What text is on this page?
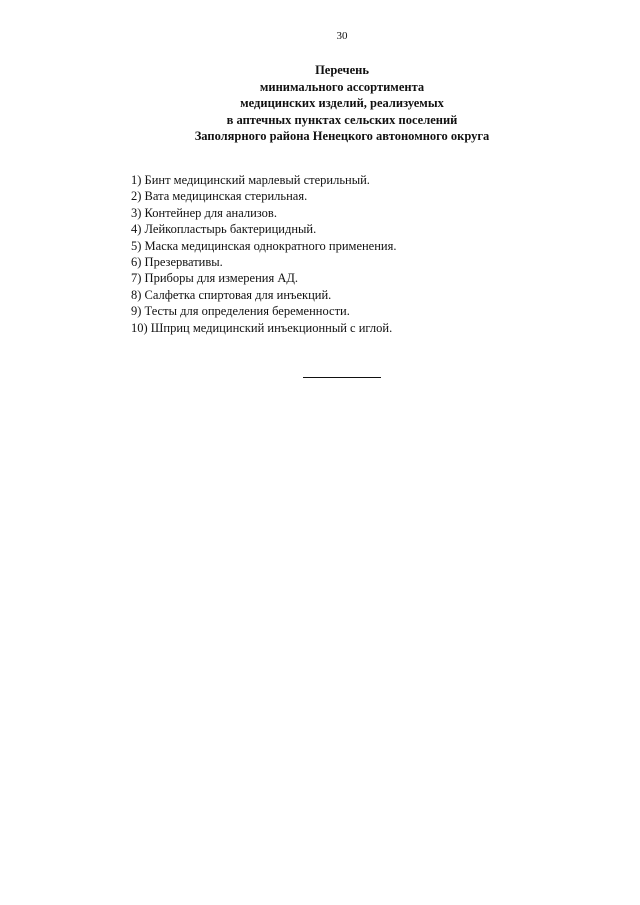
30
Перечень
минимального ассортимента
медицинских изделий, реализуемых
в аптечных пунктах сельских поселений
Заполярного района Ненецкого автономного округа
1) Бинт медицинский марлевый стерильный.
2) Вата медицинская стерильная.
3) Контейнер для анализов.
4) Лейкопластырь бактерицидный.
5) Маска медицинская однократного применения.
6) Презервативы.
7) Приборы для измерения АД.
8) Салфетка спиртовая для инъекций.
9) Тесты для определения беременности.
10) Шприц медицинский инъекционный с иглой.
